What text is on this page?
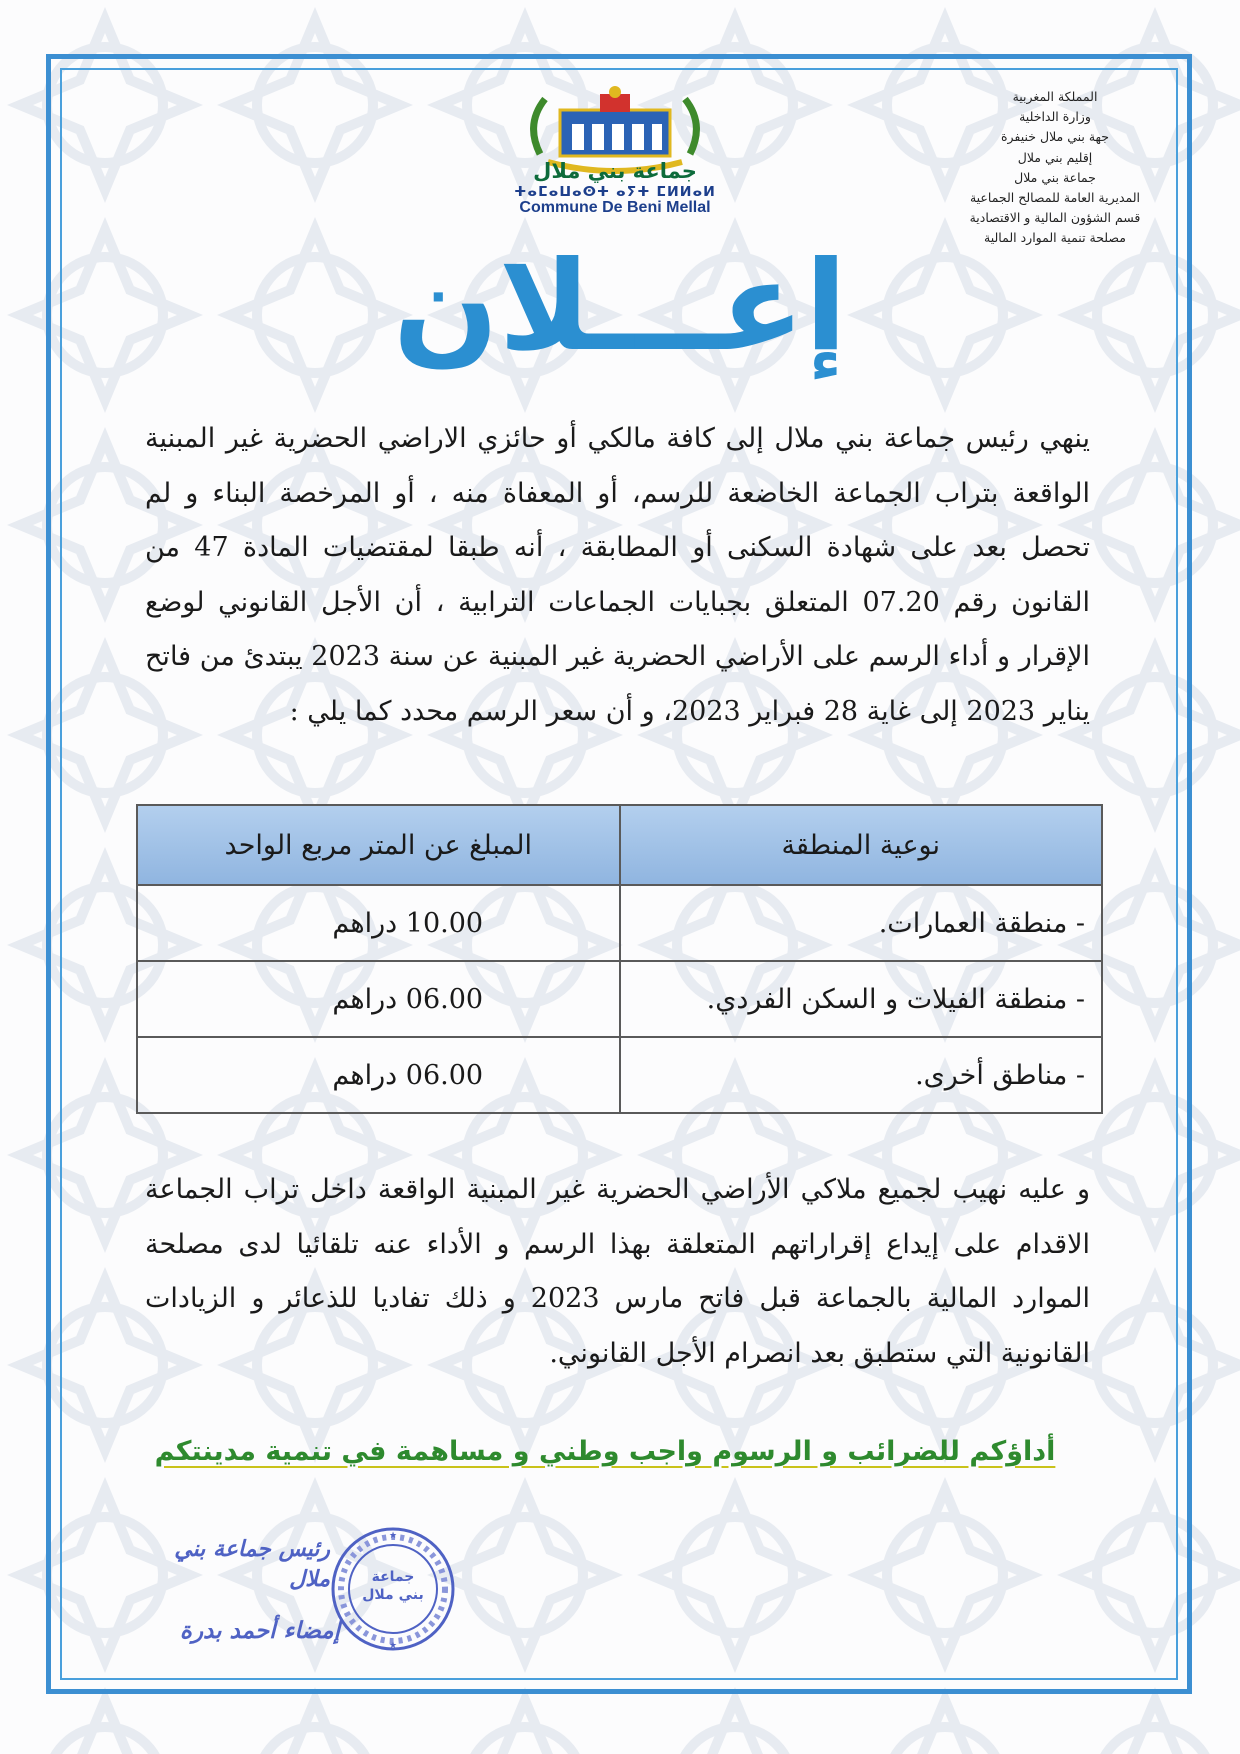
جماعة بني ملال
ⵜⴰⵎⴰⵡⴰⵙⵜ ⴰⵢⵜ ⵎⵍⵍⴰⵍ
Commune De Beni Mellal
المملكة المغربية
وزارة الداخلية
جهة بني ملال خنيفرة
إقليم بني ملال
جماعة بني ملال
المديرية العامة للمصالح الجماعية
قسم الشؤون المالية و الاقتصادية
مصلحة تنمية الموارد المالية
إعـــلان

ينهي رئيس جماعة بني ملال إلى كافة مالكي أو حائزي الاراضي الحضرية غير المبنية الواقعة بتراب الجماعة الخاضعة للرسم، أو المعفاة منه ، أو المرخصة البناء و لم تحصل بعد على شهادة السكنى أو المطابقة ، أنه طبقا لمقتضيات المادة 47 من القانون رقم 07.20 المتعلق بجبايات الجماعات الترابية ، أن الأجل القانوني لوضع الإقرار و أداء الرسم على الأراضي الحضرية غير المبنية عن سنة 2023 يبتدئ من فاتح يناير 2023 إلى غاية 28 فبراير 2023، و أن سعر الرسم محدد كما يلي :

نوعية المنطقة	المبلغ عن المتر مربع الواحد
- منطقة العمارات.	10.00 دراهم
- منطقة الفيلات و السكن الفردي.	06.00 دراهم
- مناطق أخرى.	06.00 دراهم

و عليه نهيب لجميع ملاكي الأراضي الحضرية غير المبنية الواقعة داخل تراب الجماعة الاقدام على إيداع إقراراتهم المتعلقة بهذا الرسم و الأداء عنه تلقائيا لدى مصلحة الموارد المالية بالجماعة قبل فاتح مارس 2023 و ذلك تفاديا للذعائر و الزيادات القانونية التي ستطبق بعد انصرام الأجل القانوني.

أداؤكم للضرائب و الرسوم واجب وطني و مساهمة في تنمية مدينتكم

رئيس جماعة بني ملال
★
★
جماعة
بني ملال
إمضاء أحمد بدرة
